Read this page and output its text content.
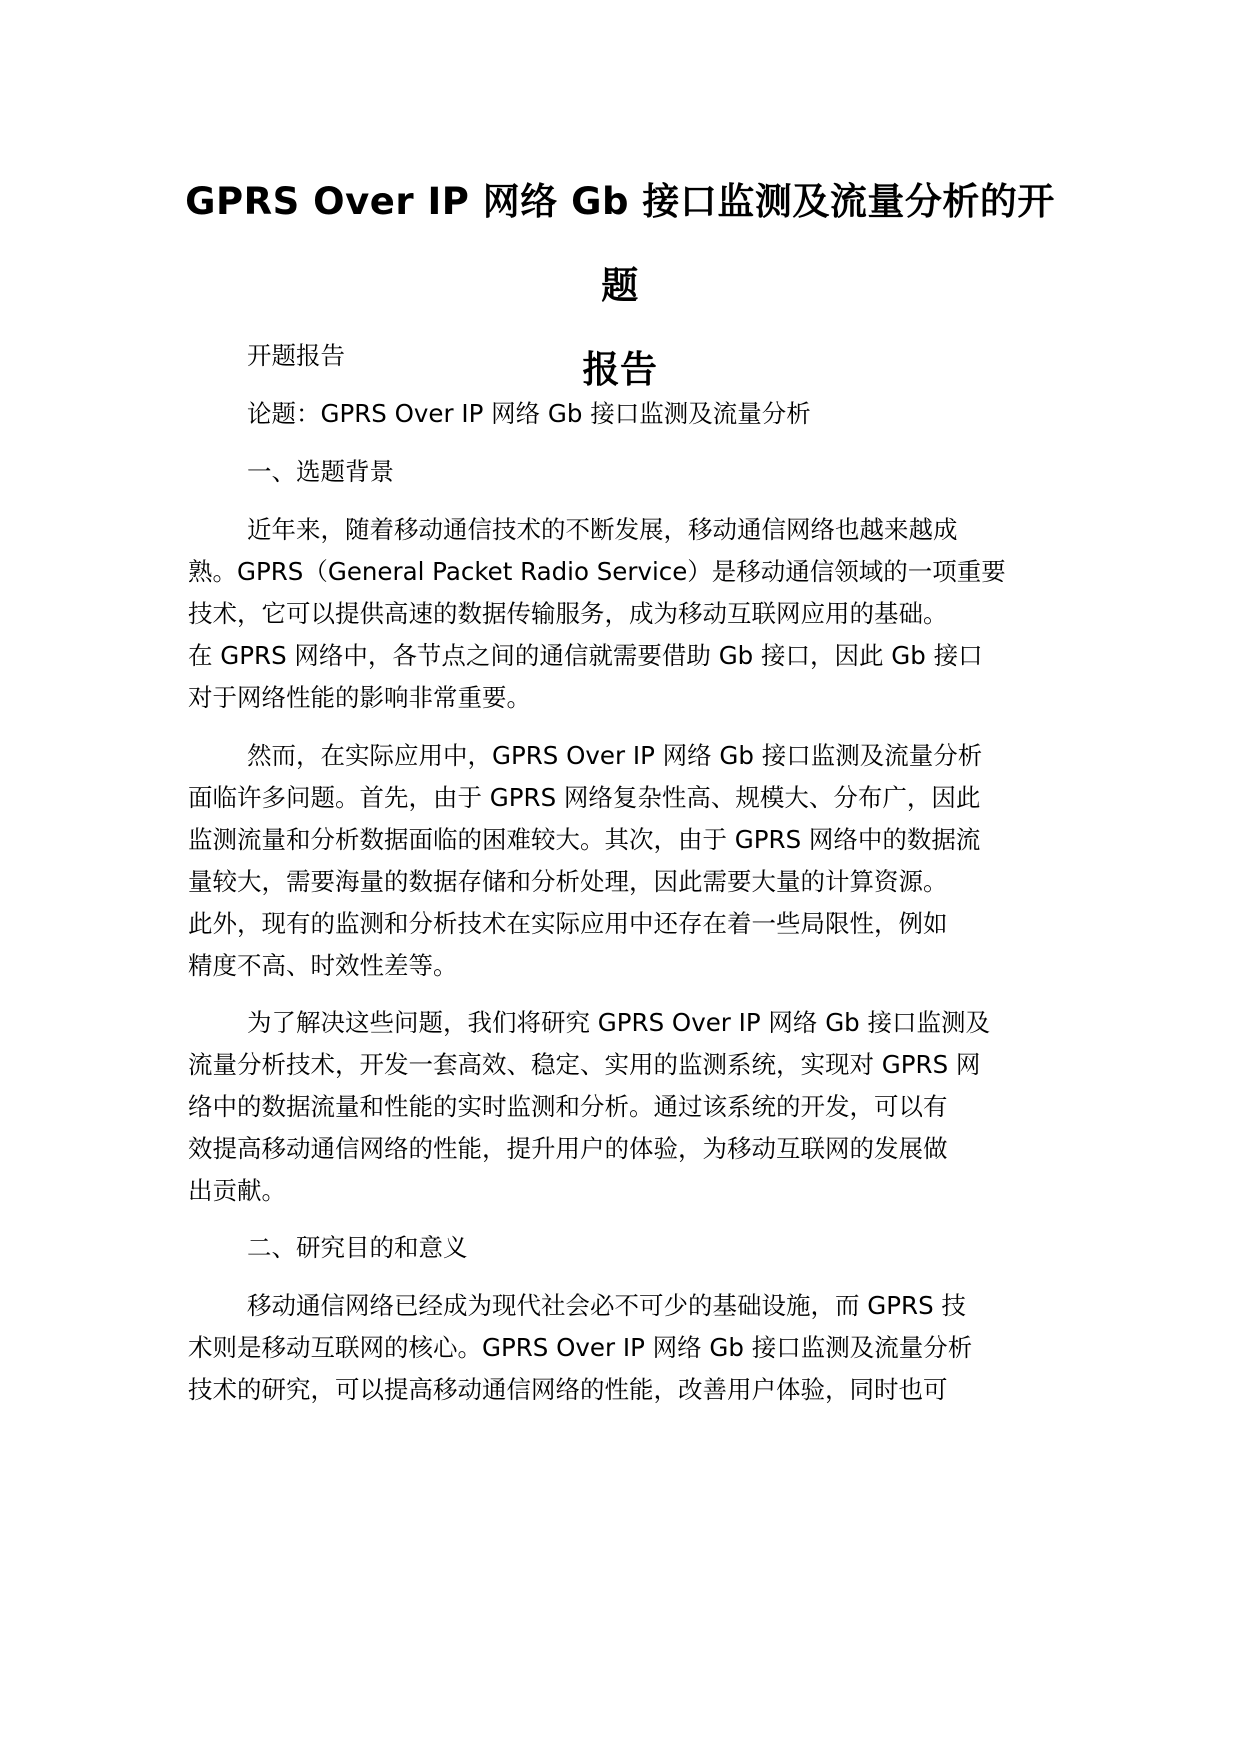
GPRS Over IP 网络 Gb 接口监测及流量分析的开题
报告
开题报告
论题：GPRS Over IP 网络 Gb 接口监测及流量分析
一、选题背景
近年来，随着移动通信技术的不断发展，移动通信网络也越来越成
熟。GPRS（General Packet Radio Service）是移动通信领域的一项重要
技术，它可以提供高速的数据传输服务，成为移动互联网应用的基础。
在 GPRS 网络中，各节点之间的通信就需要借助 Gb 接口，因此 Gb 接口
对于网络性能的影响非常重要。
然而，在实际应用中，GPRS Over IP 网络 Gb 接口监测及流量分析
面临许多问题。首先，由于 GPRS 网络复杂性高、规模大、分布广，因此
监测流量和分析数据面临的困难较大。其次，由于 GPRS 网络中的数据流
量较大，需要海量的数据存储和分析处理，因此需要大量的计算资源。
此外，现有的监测和分析技术在实际应用中还存在着一些局限性，例如
精度不高、时效性差等。
为了解决这些问题，我们将研究 GPRS Over IP 网络 Gb 接口监测及
流量分析技术，开发一套高效、稳定、实用的监测系统，实现对 GPRS 网
络中的数据流量和性能的实时监测和分析。通过该系统的开发，可以有
效提高移动通信网络的性能，提升用户的体验，为移动互联网的发展做
出贡献。
二、研究目的和意义
移动通信网络已经成为现代社会必不可少的基础设施，而 GPRS 技
术则是移动互联网的核心。GPRS Over IP 网络 Gb 接口监测及流量分析
技术的研究，可以提高移动通信网络的性能，改善用户体验，同时也可
